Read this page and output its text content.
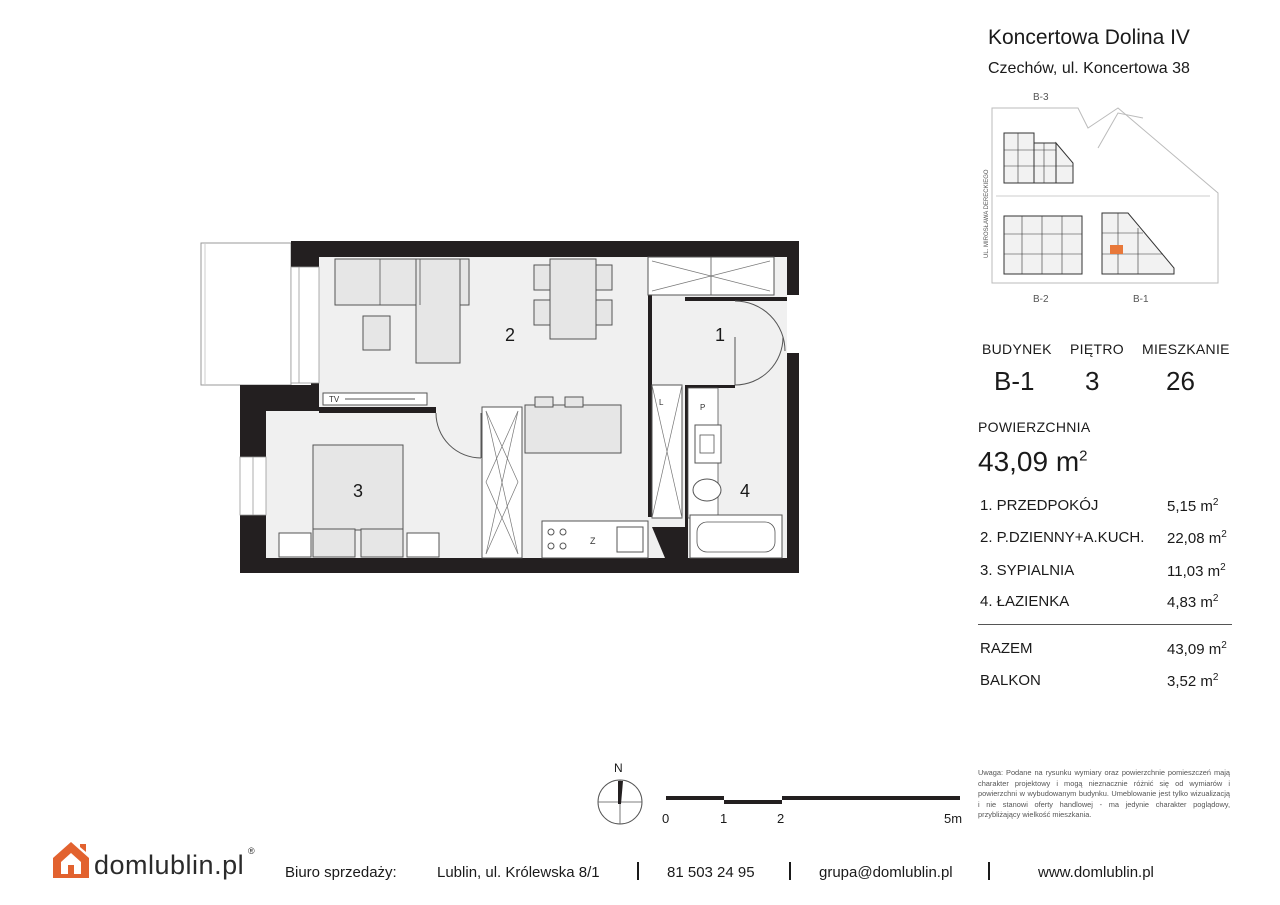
Koncertowa Dolina IV
Czechów, ul. Koncertowa 38
B-3
B-2	B-1
UL. MIROSŁAWA DERECKIEGO
BUDYNEK PIĘTRO MIESZKANIE
B-1 3	26
POWIERZCHNIA
43,09 $m^2$
1. PRZEDPOKÓJ	5,15 $m^2$
2. P.DZIENNY+A.KUCH. 22,08 $m^2$
3. SYPIALNIA	11,03 $m^2$
4. ŁAZIENKA	4,83 $m^2$
RAZEM	43,09 $m^2$
BALKON	3,52 $m^2$
Uwaga: Podane na rysunku wymiary oraz powierzchnie pomieszczeń mają charakter projektowy i mogą nieznacznie różnić się od wymiarów i powierzchni w wybudowanym budynku. Umeblowanie jest tylko wizualizacją i nie stanowi oferty handlowej - ma jedynie charakter poglądowy, przybliżający wielkość mieszkania.
TV
Z
L
P
1
2
3	4
N
0	1	2	5m
domlublin.pl ®
Biuro sprzedaży:	Lublin, ul. Królewska 8/1	81 503 24 95	grupa@domlublin.pl	www.domlublin.pl
